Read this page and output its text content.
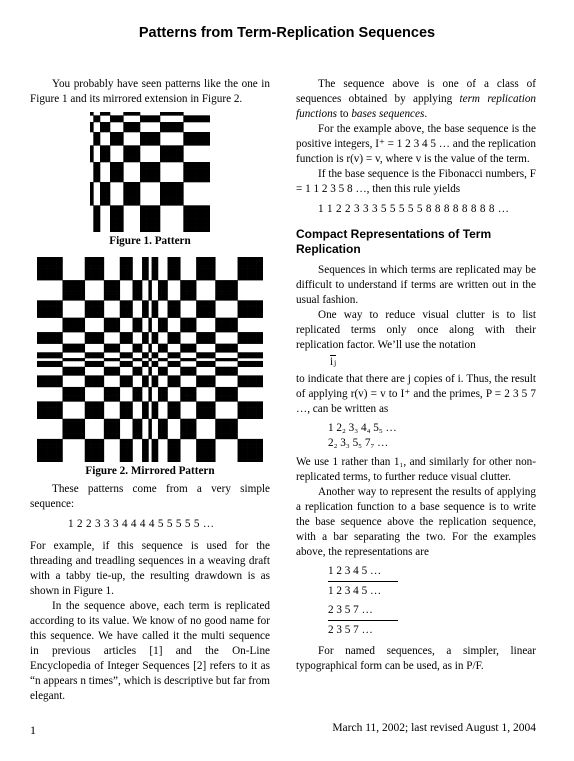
Patterns from Term-Replication Sequences

You probably have seen patterns like the one in Figure 1 and its mirrored extension in Figure 2.

Figure 1. Pattern
Figure 2. Mirrored Pattern

These patterns come from a very simple sequence:

1 2 2 3 3 3 4 4 4 4 5 5 5 5 5 …

For example, if this sequence is used for the threading and treadling sequences in a weaving draft with a tabby tie-up, the resulting drawdown is as shown in Figure 1.

In the sequence above, each term is replicated according to its value. We know of no good name for this sequence. We have called it the multi sequence in previous articles [1] and the On-Line Encyclopedia of Integer Sequences [2] refers to it as “n appears n times”, which is descriptive but far from elegant.

The sequence above is one of a class of sequences obtained by applying term replication functions to bases sequences.

For the example above, the base sequence is the positive integers, I⁺ = 1 2 3 4 5 … and the replication function is r(v) = v, where v is the value of the term.

If the base sequence is the Fibonacci numbers, F = 1 1 2 3 5 8 …, then this rule yields

1 1 2 2 3 3 3 5 5 5 5 5 8 8 8 8 8 8 8 8 …
Compact Representations of Term Replication

Sequences in which terms are replicated may be difficult to understand if terms are written out in the usual fashion.

One way to reduce visual clutter is to list replicated terms only once along with their replication factor. We’ll use the notation

iⱼ

to indicate that there are j copies of i. Thus, the result of applying r(v) = v to I⁺ and the primes, P = 2 3 5 7 …, can be written as

1 2₂ 3₃ 4₄ 5₅ …
2₂ 3₃ 5₅ 7₇ …

We use 1 rather than 1₁, and similarly for other non-replicated terms, to further reduce visual clutter.

Another way to represent the results of applying a replication function to a base sequence is to write the base sequence above the replication sequence, with a bar separating the two. For the examples above, the representations are

1 2 3 4 5 …
1 2 3 4 5 …
2 3 5 7 …
2 3 5 7 …

For named sequences, a simpler, linear typographical form can be used, as in P/F.

1	March 11, 2002; last revised August 1, 2004
